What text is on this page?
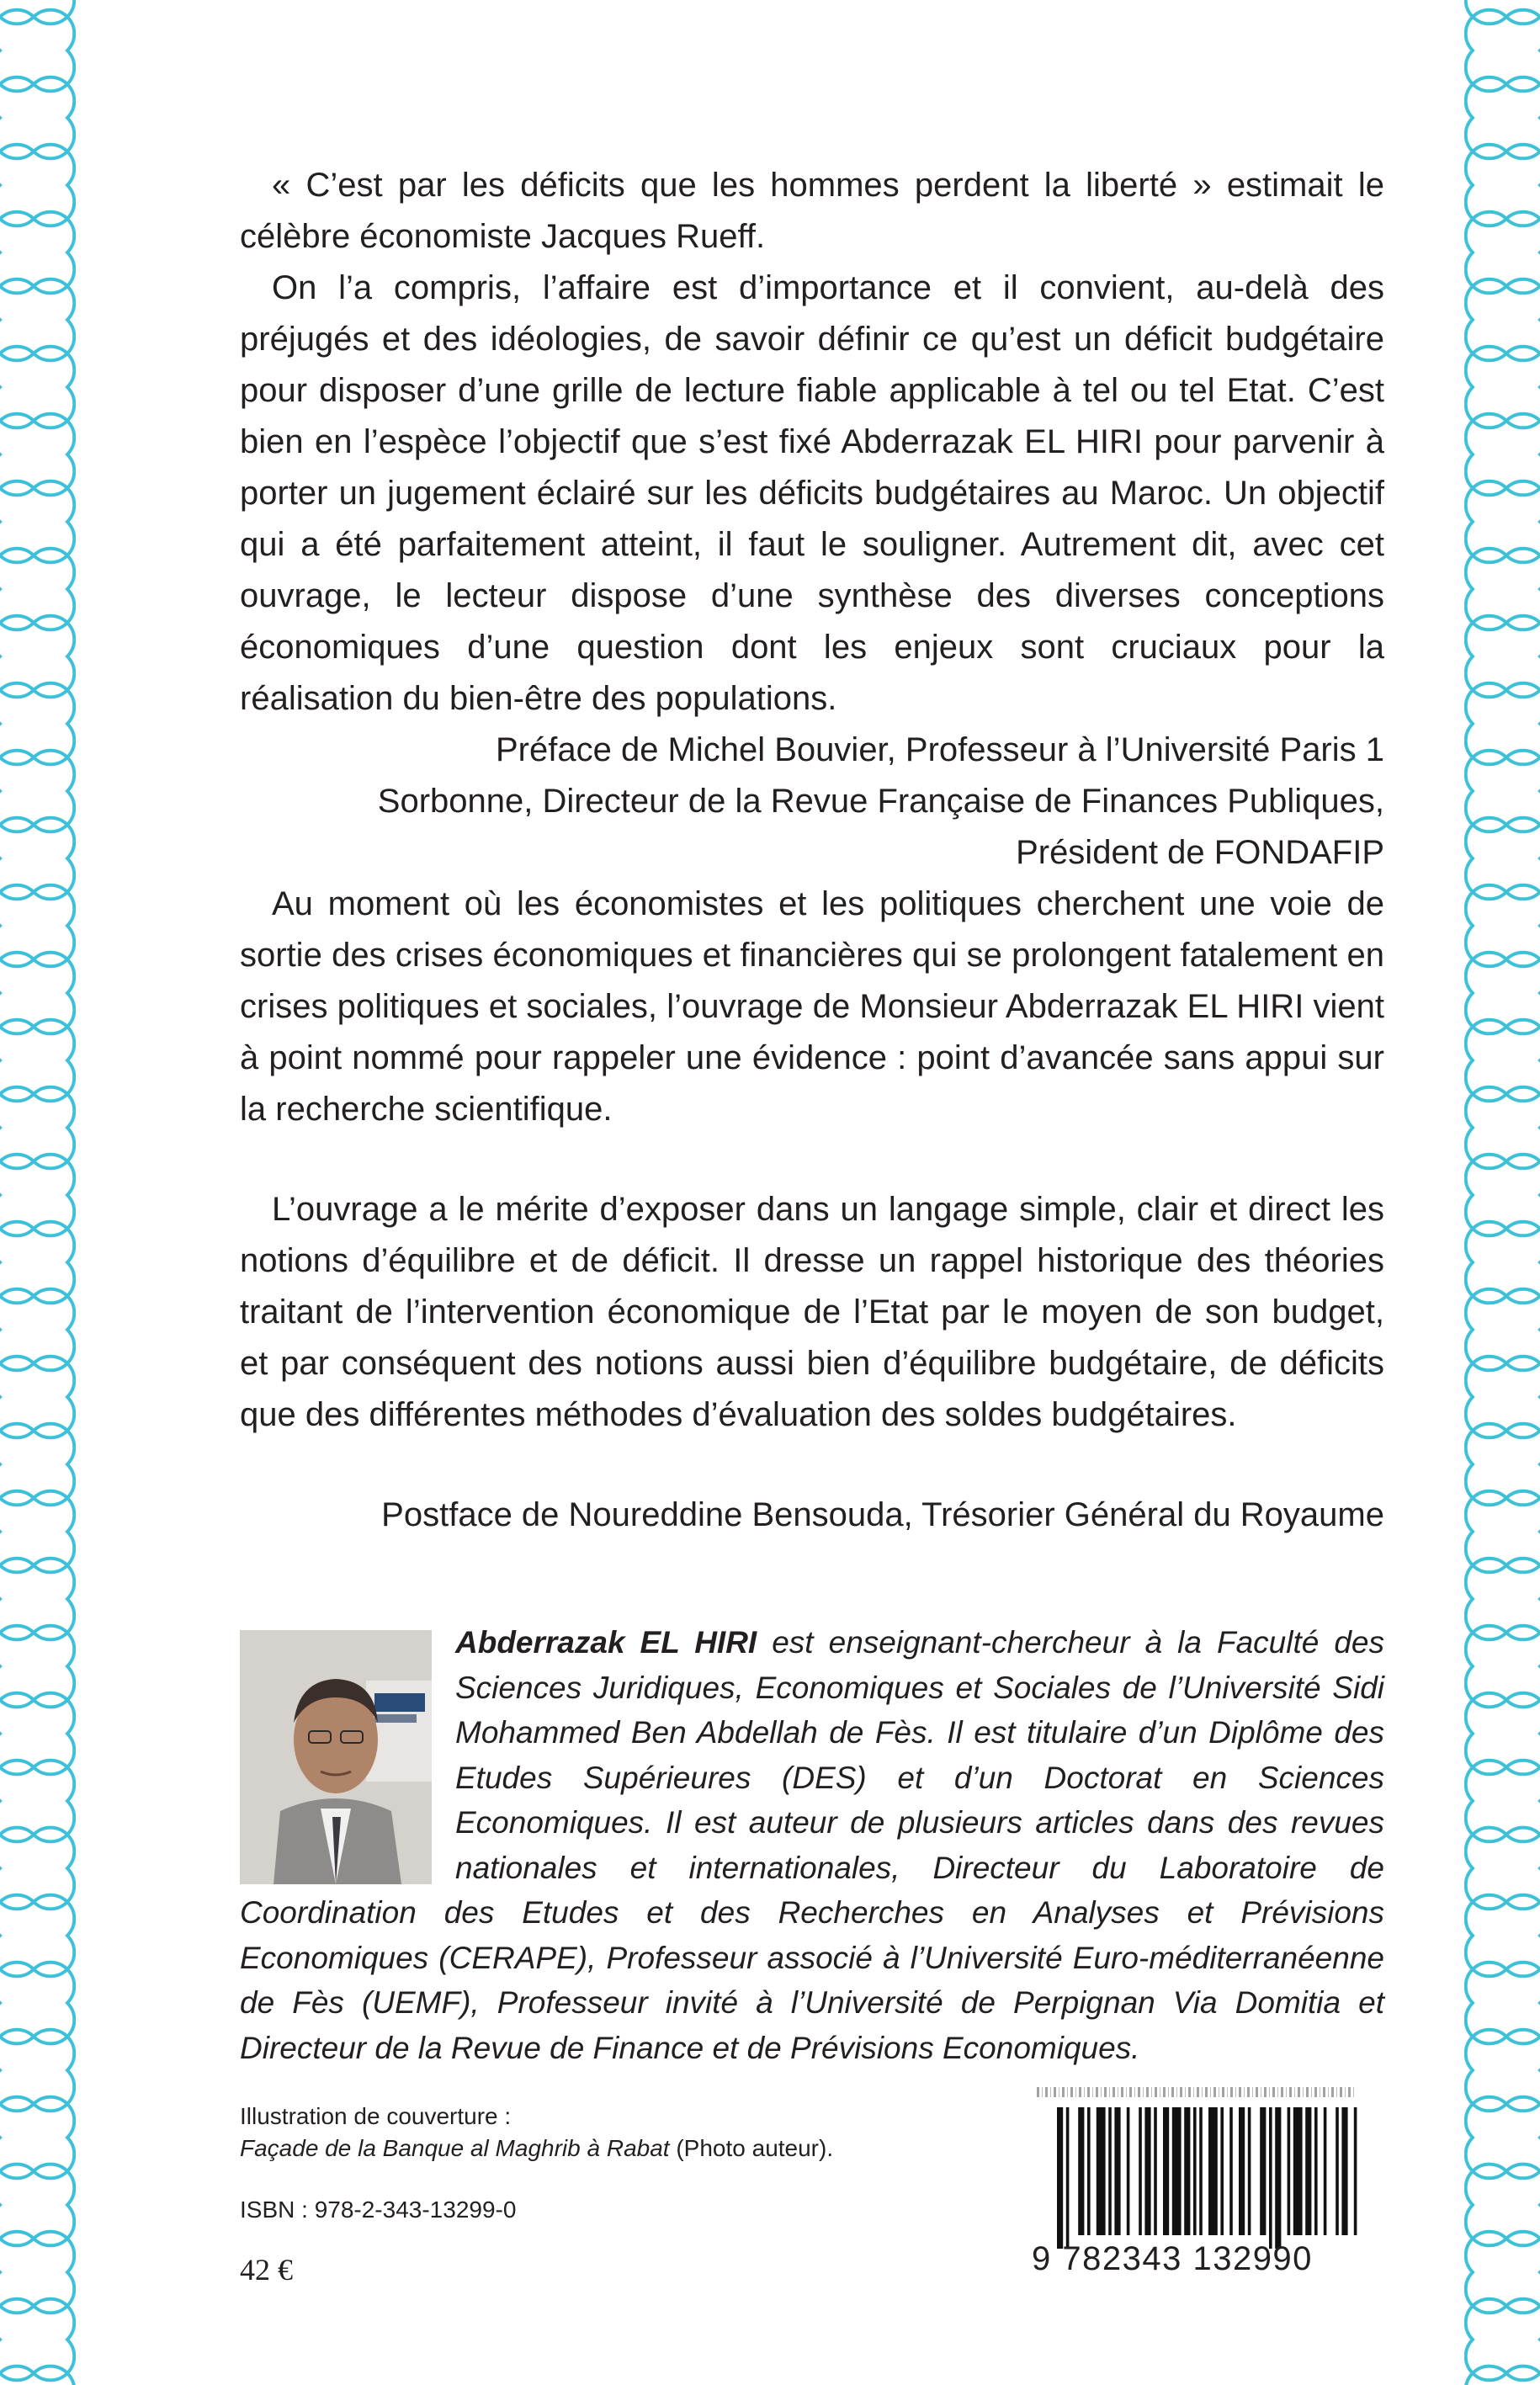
« C’est par les déficits que les hommes perdent la liberté » estimait le célèbre économiste Jacques Rueff.

On l’a compris, l’affaire est d’importance et il convient, au-delà des préjugés et des idéologies, de savoir définir ce qu’est un déficit budgétaire pour disposer d’une grille de lecture fiable applicable à tel ou tel Etat. C’est bien en l’espèce l’objectif que s’est fixé Abderrazak EL HIRI pour parvenir à porter un jugement éclairé sur les déficits budgétaires au Maroc. Un objectif qui a été parfaitement atteint, il faut le souligner. Autrement dit, avec cet ouvrage, le lecteur dispose d’une synthèse des diverses conceptions économiques d’une question dont les enjeux sont cruciaux pour la réalisation du bien-être des populations.

Préface de Michel Bouvier, Professeur à l’Université Paris 1 Sorbonne, Directeur de la Revue Française de Finances Publiques, Président de FONDAFIP

Au moment où les économistes et les politiques cherchent une voie de sortie des crises économiques et financières qui se prolongent fatalement en crises politiques et sociales, l’ouvrage de Monsieur Abderrazak EL HIRI vient à point nommé pour rappeler une évidence : point d’avancée sans appui sur la recherche scientifique.

L’ouvrage a le mérite d’exposer dans un langage simple, clair et direct les notions d’équilibre et de déficit. Il dresse un rappel historique des théories traitant de l’intervention économique de l’Etat par le moyen de son budget, et par conséquent des notions aussi bien d’équilibre budgétaire, de déficits que des différentes méthodes d’évaluation des soldes budgétaires.

Postface de Noureddine Bensouda, Trésorier Général du Royaume

Abderrazak EL HIRI est enseignant-chercheur à la Faculté des Sciences Juridiques, Economiques et Sociales de l’Université Sidi Mohammed Ben Abdellah de Fès. Il est titulaire d’un Diplôme des Etudes Supérieures (DES) et d’un Doctorat en Sciences Economiques. Il est auteur de plusieurs articles dans des revues nationales et internationales, Directeur du Laboratoire de Coordination des Etudes et des Recherches en Analyses et Prévisions Economiques (CERAPE), Professeur associé à l’Université Euro-méditerranéenne de Fès (UEMF), Professeur invité à l’Université de Perpignan Via Domitia et Directeur de la Revue de Finance et de Prévisions Economiques.
Illustration de couverture :
Façade de la Banque al Maghrib à Rabat (Photo auteur).
ISBN : 978-2-343-13299-0
42 €	9 782343 132990
